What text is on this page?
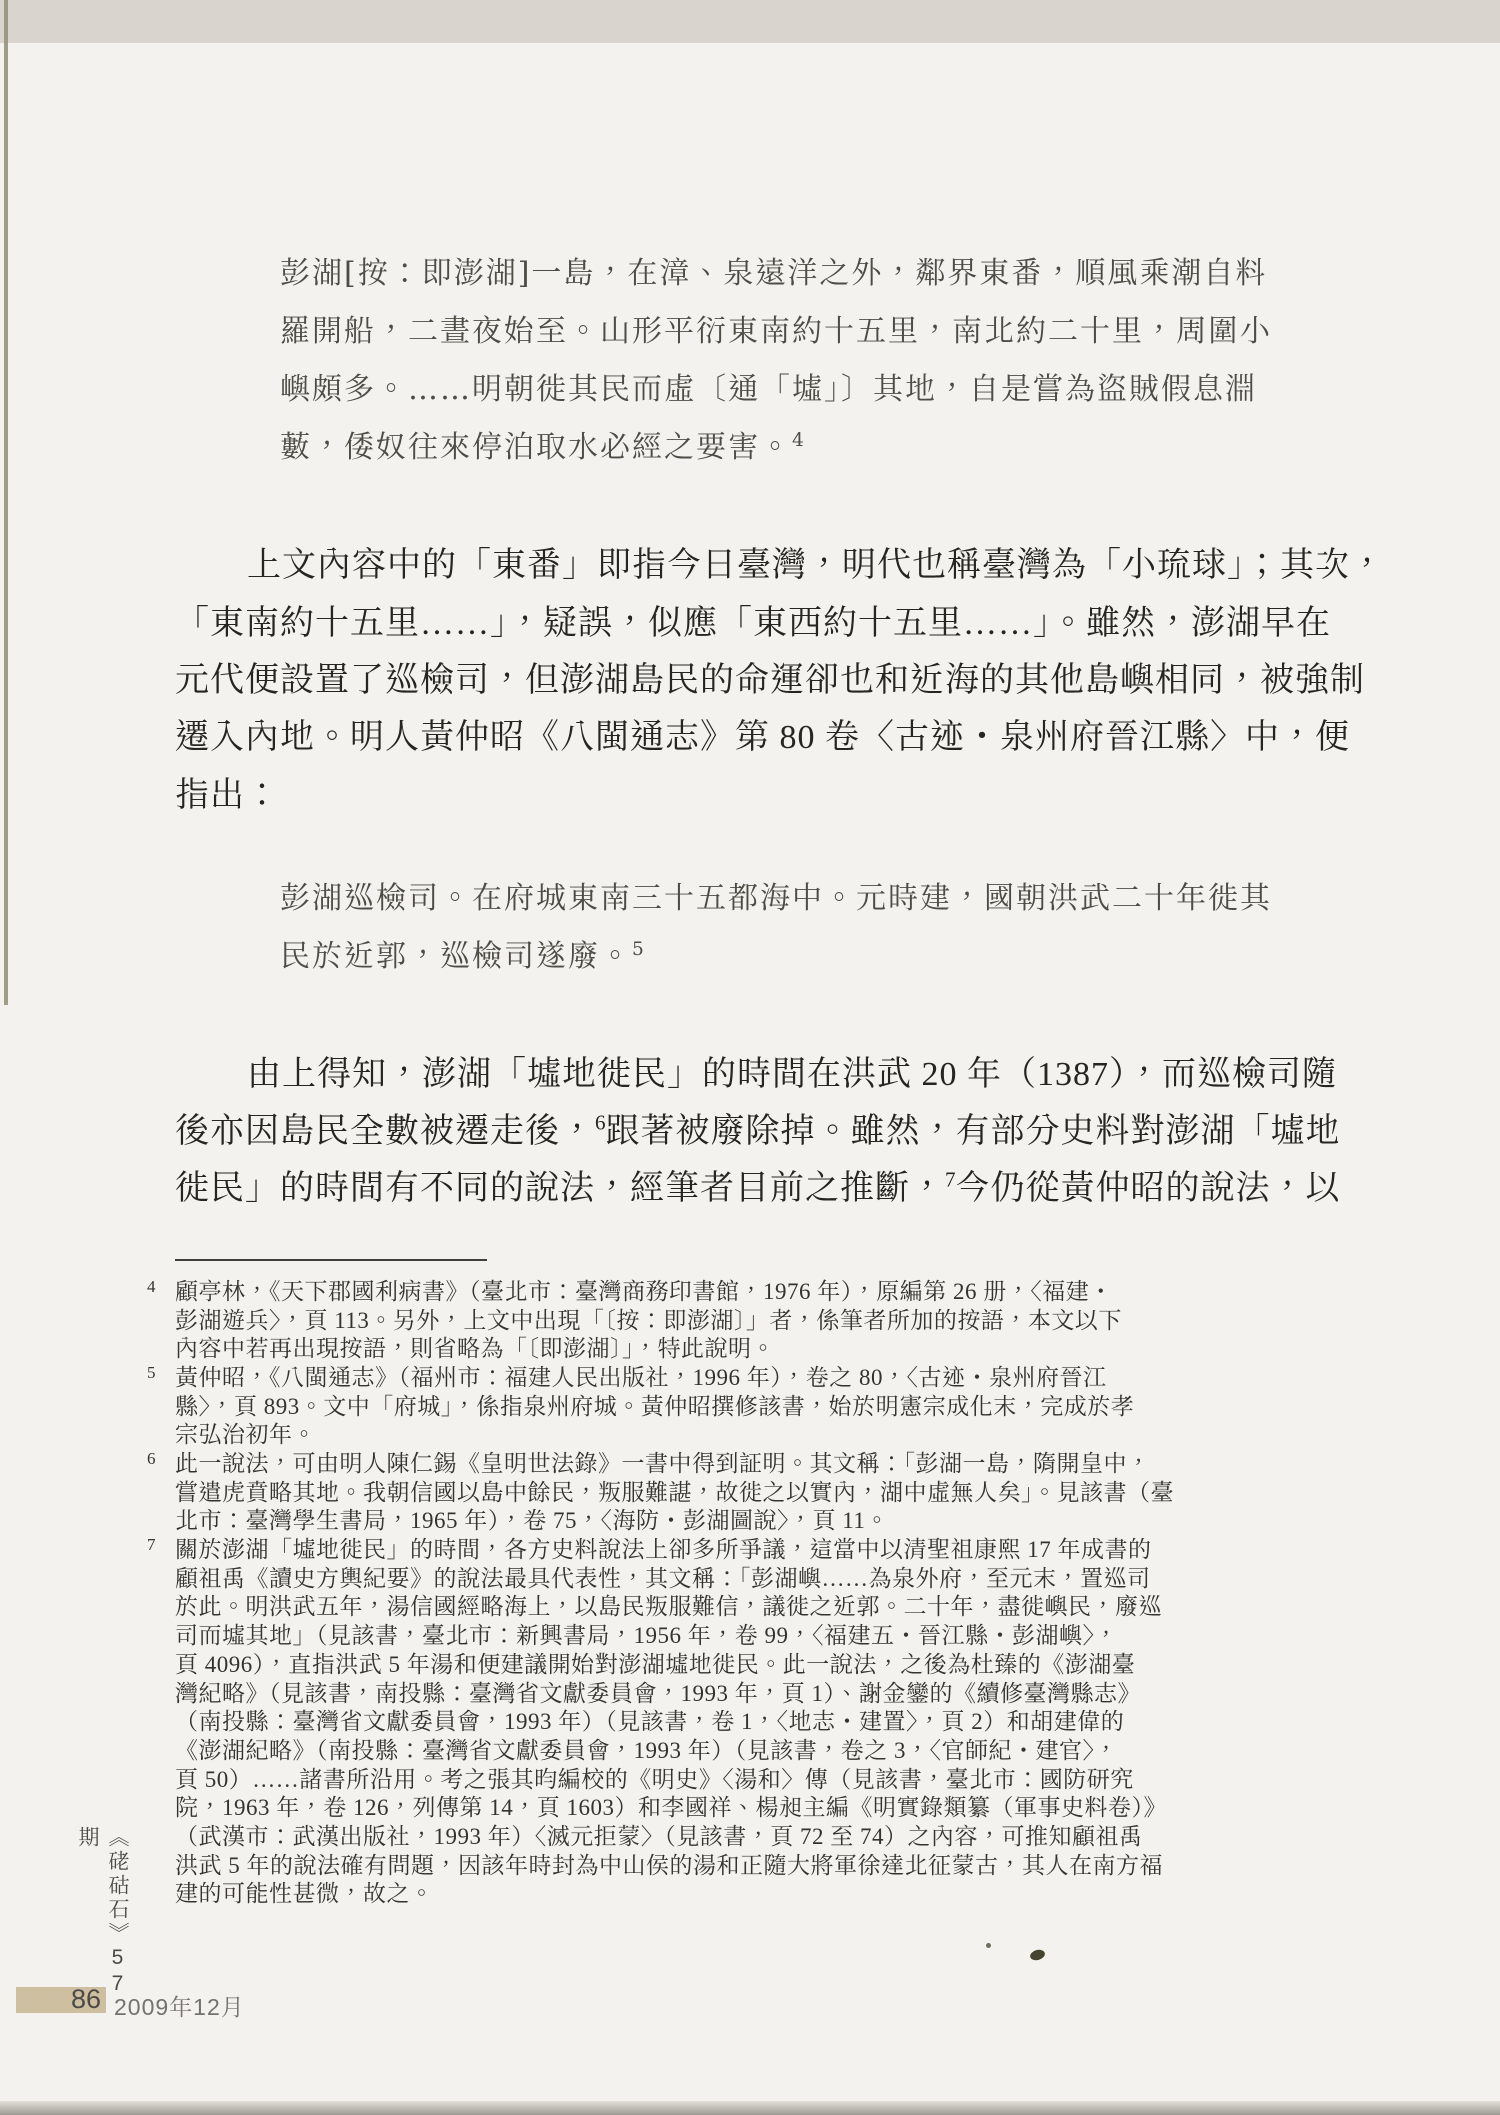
彭湖[按：即澎湖]一島，在漳、泉遠洋之外，鄰界東番，順風乘潮自料
羅開船，二晝夜始至。山形平衍東南約十五里，南北約二十里，周圍小
嶼頗多。……明朝徙其民而虛〔通「墟」〕其地，自是嘗為盜賊假息淵
藪，倭奴往來停泊取水必經之要害。$^4$
上文內容中的「東番」即指今日臺灣，明代也稱臺灣為「小琉球」；其次，
「東南約十五里……」，疑誤，似應「東西約十五里……」。雖然，澎湖早在
元代便設置了巡檢司，但澎湖島民的命運卻也和近海的其他島嶼相同，被強制
遷入內地。明人黃仲昭《八閩通志》第 80 卷〈古迹・泉州府晉江縣〉中，便
指出：
彭湖巡檢司。在府城東南三十五都海中。元時建，國朝洪武二十年徙其
民於近郭，巡檢司遂廢。$^5$
由上得知，澎湖「墟地徙民」的時間在洪武 20 年（1387），而巡檢司隨
後亦因島民全數被遷走後，$^6$跟著被廢除掉。雖然，有部分史料對澎湖「墟地
徙民」的時間有不同的說法，經筆者目前之推斷，$^7$今仍從黃仲昭的說法，以
4 顧亭林，《天下郡國利病書》（臺北市：臺灣商務印書館，1976 年），原編第 26 册，〈福建・
彭湖遊兵〉，頁 113。另外，上文中出現「〔按：即澎湖〕」者，係筆者所加的按語，本文以下
內容中若再出現按語，則省略為「〔即澎湖〕」，特此說明。
5 黃仲昭，《八閩通志》（福州市：福建人民出版社，1996 年），卷之 80，〈古迹・泉州府晉江
縣〉，頁 893。文中「府城」，係指泉州府城。黃仲昭撰修該書，始於明憲宗成化末，完成於孝
宗弘治初年。
6 此一說法，可由明人陳仁錫《皇明世法錄》一書中得到証明。其文稱：「彭湖一島，隋開皇中，
嘗遣虎賁略其地。我朝信國以島中餘民，叛服難諶，故徙之以實內，湖中虛無人矣」。見該書（臺
北市：臺灣學生書局，1965 年），卷 75，〈海防・彭湖圖說〉，頁 11。
7 關於澎湖「墟地徙民」的時間，各方史料說法上卻多所爭議，這當中以清聖祖康熙 17 年成書的
顧祖禹《讀史方輿紀要》的說法最具代表性，其文稱：「彭湖嶼……為泉外府，至元末，置巡司
於此。明洪武五年，湯信國經略海上，以島民叛服難信，議徙之近郭。二十年，盡徙嶼民，廢巡
司而墟其地」（見該書，臺北市：新興書局，1956 年，卷 99，〈福建五・晉江縣・彭湖嶼〉，
頁 4096），直指洪武 5 年湯和便建議開始對澎湖墟地徙民。此一說法，之後為杜臻的《澎湖臺
灣紀略》（見該書，南投縣：臺灣省文獻委員會，1993 年，頁 1）、謝金鑾的《續修臺灣縣志》
（南投縣：臺灣省文獻委員會，1993 年）（見該書，卷 1，〈地志・建置〉，頁 2）和胡建偉的
《澎湖紀略》（南投縣：臺灣省文獻委員會，1993 年）（見該書，卷之 3，〈官師紀・建官〉，
頁 50）……諸書所沿用。考之張其昀編校的《明史》〈湯和〉傳（見該書，臺北市：國防研究
院，1963 年，卷 126，列傳第 14，頁 1603）和李國祥、楊昶主編《明實錄類纂（軍事史料卷）》
（武漢市：武漢出版社，1993 年）〈滅元拒蒙〉（見該書，頁 72 至 74）之內容，可推知顧祖禹
洪武 5 年的說法確有問題，因該年時封為中山侯的湯和正隨大將軍徐達北征蒙古，其人在南方福
建的可能性甚微，故之。
《硓𥑮石》57期
86 2009年12月
